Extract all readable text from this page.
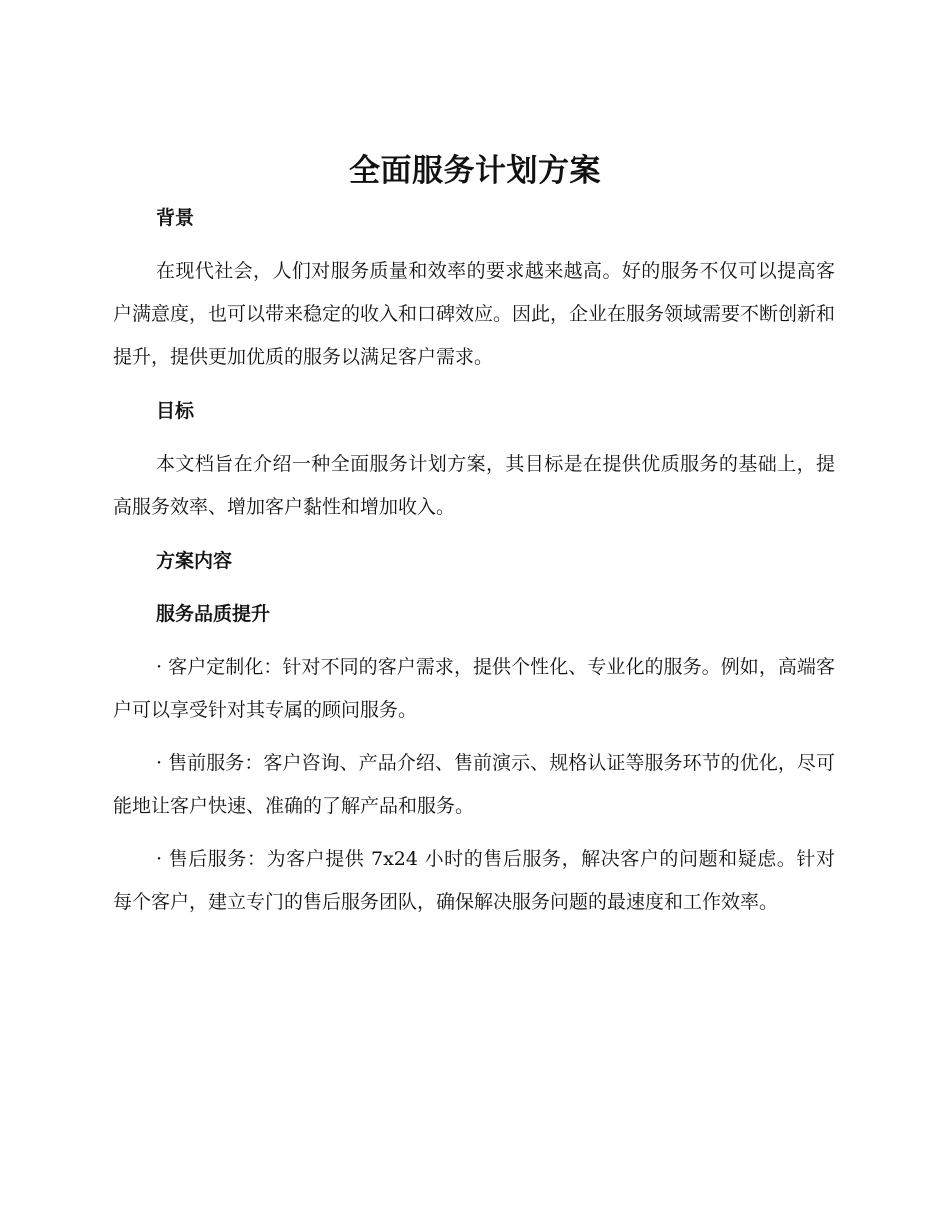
全面服务计划方案
背景

在现代社会，人们对服务质量和效率的要求越来越高。好的服务不仅可以提高客户满意度，也可以带来稳定的收入和口碑效应。因此，企业在服务领域需要不断创新和提升，提供更加优质的服务以满足客户需求。

目标

本文档旨在介绍一种全面服务计划方案，其目标是在提供优质服务的基础上，提高服务效率、增加客户黏性和增加收入。

方案内容
服务品质提升

· 客户定制化：针对不同的客户需求，提供个性化、专业化的服务。例如，高端客户可以享受针对其专属的顾问服务。

· 售前服务：客户咨询、产品介绍、售前演示、规格认证等服务环节的优化，尽可能地让客户快速、准确的了解产品和服务。

· 售后服务：为客户提供 7x24 小时的售后服务，解决客户的问题和疑虑。针对每个客户，建立专门的售后服务团队，确保解决服务问题的最速度和工作效率。
